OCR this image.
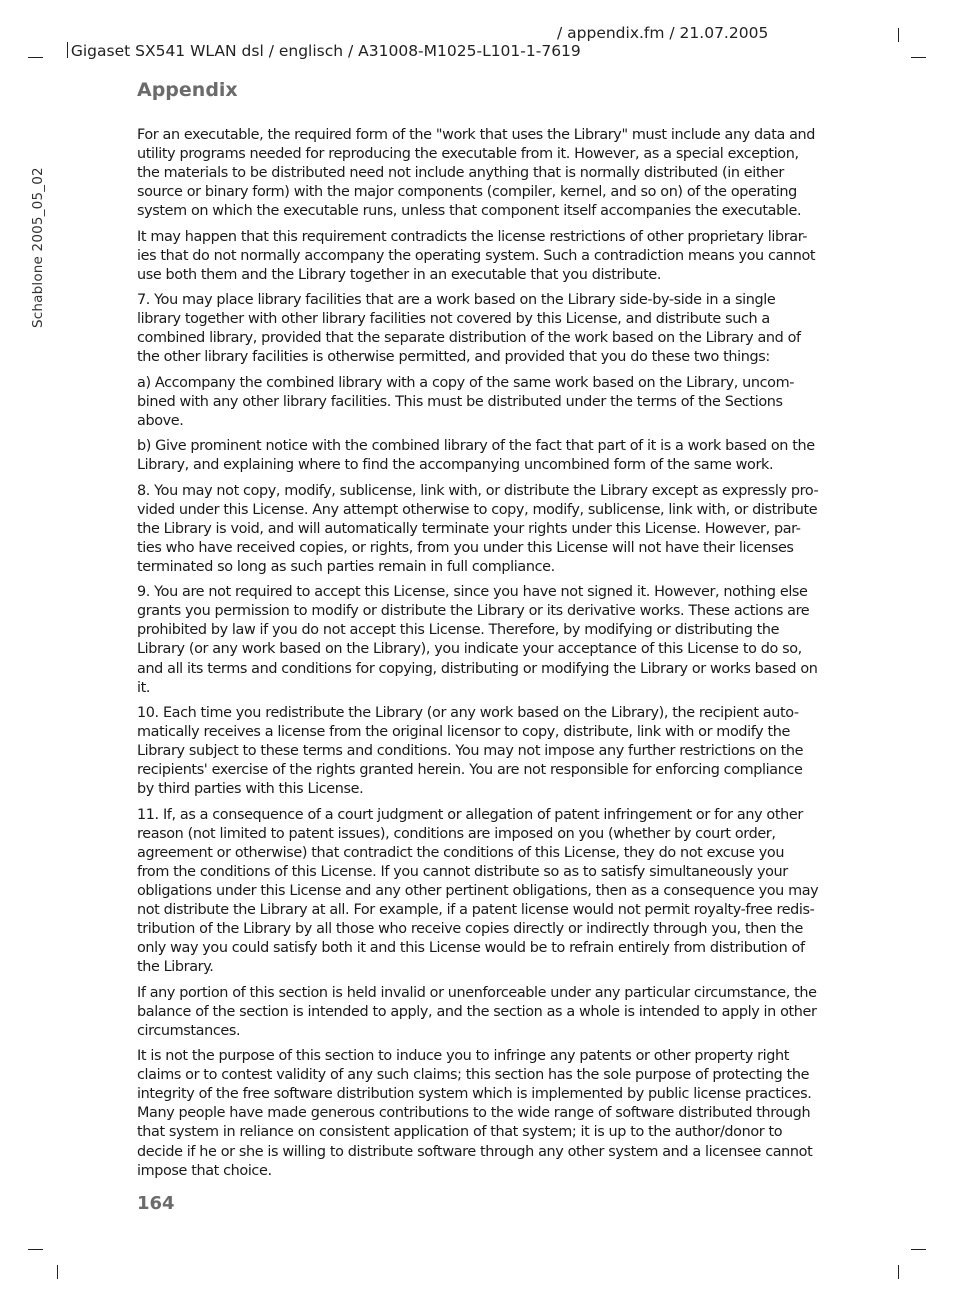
Gigaset SX541 WLAN dsl / englisch / A31008-M1025-L101-1-7619

/ appendix.fm / 21.07.2005

Schablone 2005_05_02
Appendix

For an executable, the required form of the "work that uses the Library" must include any data and utility programs needed for reproducing the executable from it. However, as a special exception, the materials to be distributed need not include anything that is normally distributed (in either source or binary form) with the major components (compiler, kernel, and so on) of the operating system on which the executable runs, unless that component itself accompanies the executable.

It may happen that this requirement contradicts the license restrictions of other proprietary librar-ies that do not normally accompany the operating system. Such a contradiction means you cannot use both them and the Library together in an executable that you distribute.

7. You may place library facilities that are a work based on the Library side-by-side in a single library together with other library facilities not covered by this License, and distribute such a combined library, provided that the separate distribution of the work based on the Library and of the other library facilities is otherwise permitted, and provided that you do these two things:

a) Accompany the combined library with a copy of the same work based on the Library, uncom-bined with any other library facilities. This must be distributed under the terms of the Sections above.

b) Give prominent notice with the combined library of the fact that part of it is a work based on the Library, and explaining where to find the accompanying uncombined form of the same work.

8. You may not copy, modify, sublicense, link with, or distribute the Library except as expressly pro-vided under this License. Any attempt otherwise to copy, modify, sublicense, link with, or distribute the Library is void, and will automatically terminate your rights under this License. However, par-ties who have received copies, or rights, from you under this License will not have their licenses terminated so long as such parties remain in full compliance.

9. You are not required to accept this License, since you have not signed it. However, nothing else grants you permission to modify or distribute the Library or its derivative works. These actions are prohibited by law if you do not accept this License. Therefore, by modifying or distributing the Library (or any work based on the Library), you indicate your acceptance of this License to do so, and all its terms and conditions for copying, distributing or modifying the Library or works based on it.

10. Each time you redistribute the Library (or any work based on the Library), the recipient auto-matically receives a license from the original licensor to copy, distribute, link with or modify the Library subject to these terms and conditions. You may not impose any further restrictions on the recipients' exercise of the rights granted herein. You are not responsible for enforcing compliance by third parties with this License.

11. If, as a consequence of a court judgment or allegation of patent infringement or for any other reason (not limited to patent issues), conditions are imposed on you (whether by court order, agreement or otherwise) that contradict the conditions of this License, they do not excuse you from the conditions of this License. If you cannot distribute so as to satisfy simultaneously your obligations under this License and any other pertinent obligations, then as a consequence you may not distribute the Library at all. For example, if a patent license would not permit royalty-free redis-tribution of the Library by all those who receive copies directly or indirectly through you, then the only way you could satisfy both it and this License would be to refrain entirely from distribution of the Library.

If any portion of this section is held invalid or unenforceable under any particular circumstance, the balance of the section is intended to apply, and the section as a whole is intended to apply in other circumstances.

It is not the purpose of this section to induce you to infringe any patents or other property right claims or to contest validity of any such claims; this section has the sole purpose of protecting the integrity of the free software distribution system which is implemented by public license practices. Many people have made generous contributions to the wide range of software distributed through that system in reliance on consistent application of that system; it is up to the author/donor to decide if he or she is willing to distribute software through any other system and a licensee cannot impose that choice.

164
